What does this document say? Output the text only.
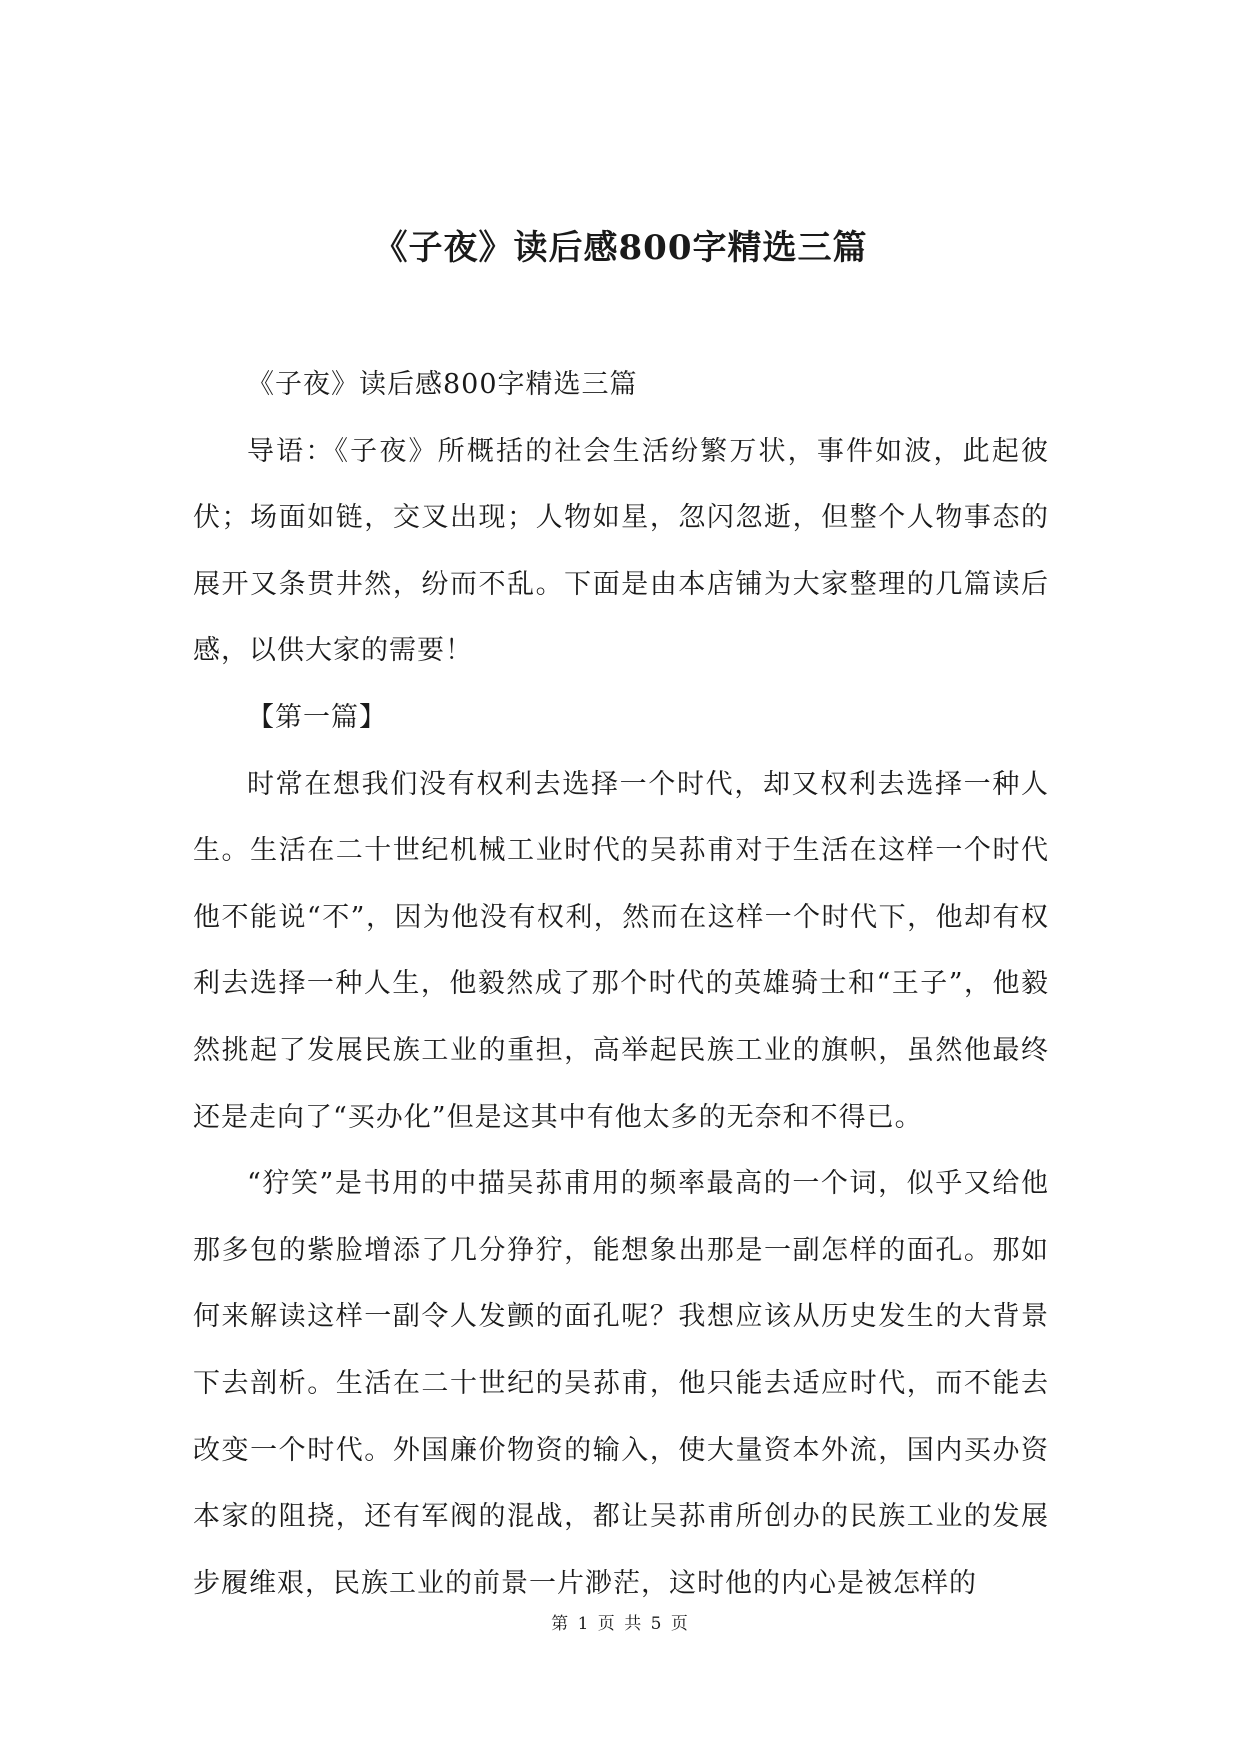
《子夜》读后感800字精选三篇

《子夜》读后感800字精选三篇

导语：《子夜》所概括的社会生活纷繁万状，事件如波，此起彼伏；场面如链，交叉出现；人物如星，忽闪忽逝，但整个人物事态的展开又条贯井然，纷而不乱。下面是由本店铺为大家整理的几篇读后感，以供大家的需要！

【第一篇】

时常在想我们没有权利去选择一个时代，却又权利去选择一种人生。生活在二十世纪机械工业时代的吴荪甫对于生活在这样一个时代他不能说“不”，因为他没有权利，然而在这样一个时代下，他却有权利去选择一种人生，他毅然成了那个时代的英雄骑士和“王子”，他毅然挑起了发展民族工业的重担，高举起民族工业的旗帜，虽然他最终还是走向了“买办化”但是这其中有他太多的无奈和不得已。

“狞笑”是书用的中描吴荪甫用的频率最高的一个词，似乎又给他那多包的紫脸增添了几分狰狞，能想象出那是一副怎样的面孔。那如何来解读这样一副令人发颤的面孔呢？我想应该从历史发生的大背景下去剖析。生活在二十世纪的吴荪甫，他只能去适应时代，而不能去改变一个时代。外国廉价物资的输入，使大量资本外流，国内买办资本家的阻挠，还有军阀的混战，都让吴荪甫所创办的民族工业的发展步履维艰，民族工业的前景一片渺茫，这时他的内心是被怎样的

第 1 页 共 5 页
